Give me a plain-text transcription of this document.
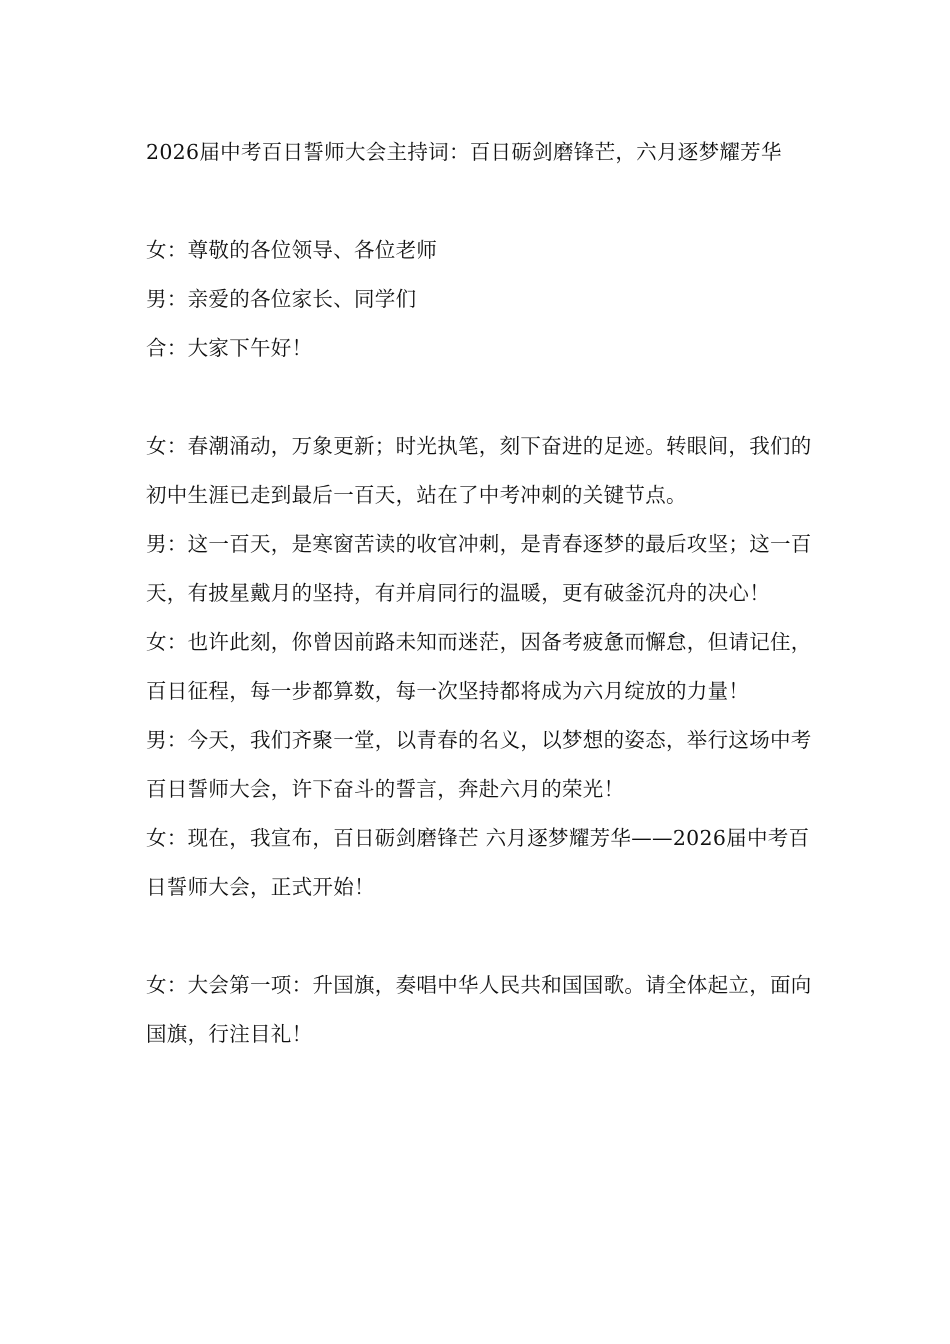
2026届中考百日誓师大会主持词：百日砺剑磨锋芒，六月逐梦耀芳华

女：尊敬的各位领导、各位老师

男：亲爱的各位家长、同学们

合：大家下午好！

女：春潮涌动，万象更新；时光执笔，刻下奋进的足迹。转眼间，我们的初中生涯已走到最后一百天，站在了中考冲刺的关键节点。

男：这一百天，是寒窗苦读的收官冲刺，是青春逐梦的最后攻坚；这一百天，有披星戴月的坚持，有并肩同行的温暖，更有破釜沉舟的决心！

女：也许此刻，你曾因前路未知而迷茫，因备考疲惫而懈怠，但请记住，百日征程，每一步都算数，每一次坚持都将成为六月绽放的力量！

男：今天，我们齐聚一堂，以青春的名义，以梦想的姿态，举行这场中考百日誓师大会，许下奋斗的誓言，奔赴六月的荣光！

女：现在，我宣布，百日砺剑磨锋芒 六月逐梦耀芳华——2026届中考百日誓师大会，正式开始！

女：大会第一项：升国旗，奏唱中华人民共和国国歌。请全体起立，面向国旗，行注目礼！
